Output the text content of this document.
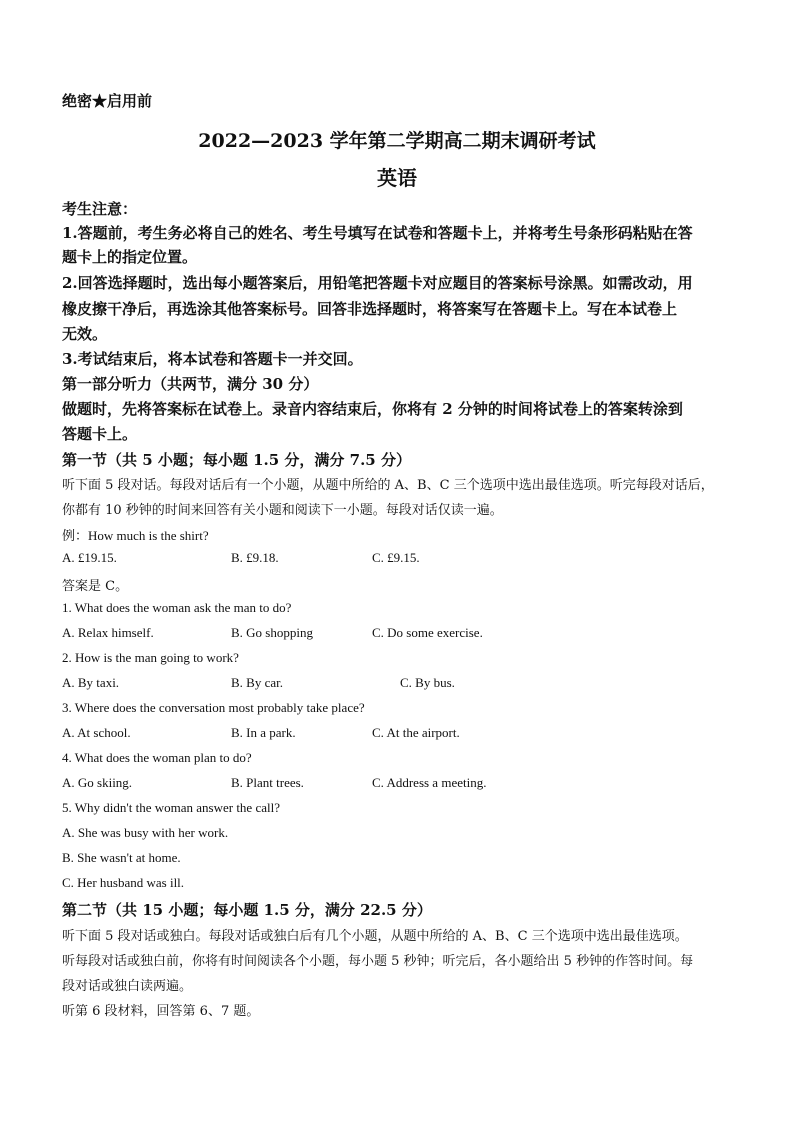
绝密★启用前
2022—2023 学年第二学期高二期末调研考试
英语
考生注意：
1.答题前，考生务必将自己的姓名、考生号填写在试卷和答题卡上，并将考生号条形码粘贴在答
题卡上的指定位置。
2.回答选择题时，选出每小题答案后，用铅笔把答题卡对应题目的答案标号涂黑。如需改动，用
橡皮擦干净后，再选涂其他答案标号。回答非选择题时，将答案写在答题卡上。写在本试卷上
无效。
3.考试结束后，将本试卷和答题卡一并交回。
第一部分听力（共两节，满分 30 分）
做题时，先将答案标在试卷上。录音内容结束后，你将有 2 分钟的时间将试卷上的答案转涂到
答题卡上。
第一节（共 5 小题；每小题 1.5 分，满分 7.5 分）
听下面 5 段对话。每段对话后有一个小题，从题中所给的 A、B、C 三个选项中选出最佳选项。听完每段对话后，
你都有 10 秒钟的时间来回答有关小题和阅读下一小题。每段对话仅读一遍。
例：How much is the shirt?
A. £19.15.	B. £9.18.	C. £9.15.
答案是 C。
1. What does the woman ask the man to do?
A. Relax himself.	B. Go shopping	C. Do some exercise.
2. How is the man going to work?
A. By taxi.	B. By car.	C. By bus.
3. Where does the conversation most probably take place?
A. At school.	B. In a park.	C. At the airport.
4. What does the woman plan to do?
A. Go skiing.	B. Plant trees.	C. Address a meeting.
5. Why didn't the woman answer the call?
A. She was busy with her work.
B. She wasn't at home.
C. Her husband was ill.
第二节（共 15 小题；每小题 1.5 分，满分 22.5 分）
听下面 5 段对话或独白。每段对话或独白后有几个小题，从题中所给的 A、B、C 三个选项中选出最佳选项。
听每段对话或独白前，你将有时间阅读各个小题，每小题 5 秒钟；听完后，各小题给出 5 秒钟的作答时间。每
段对话或独白读两遍。
听第 6 段材料，回答第 6、7 题。
